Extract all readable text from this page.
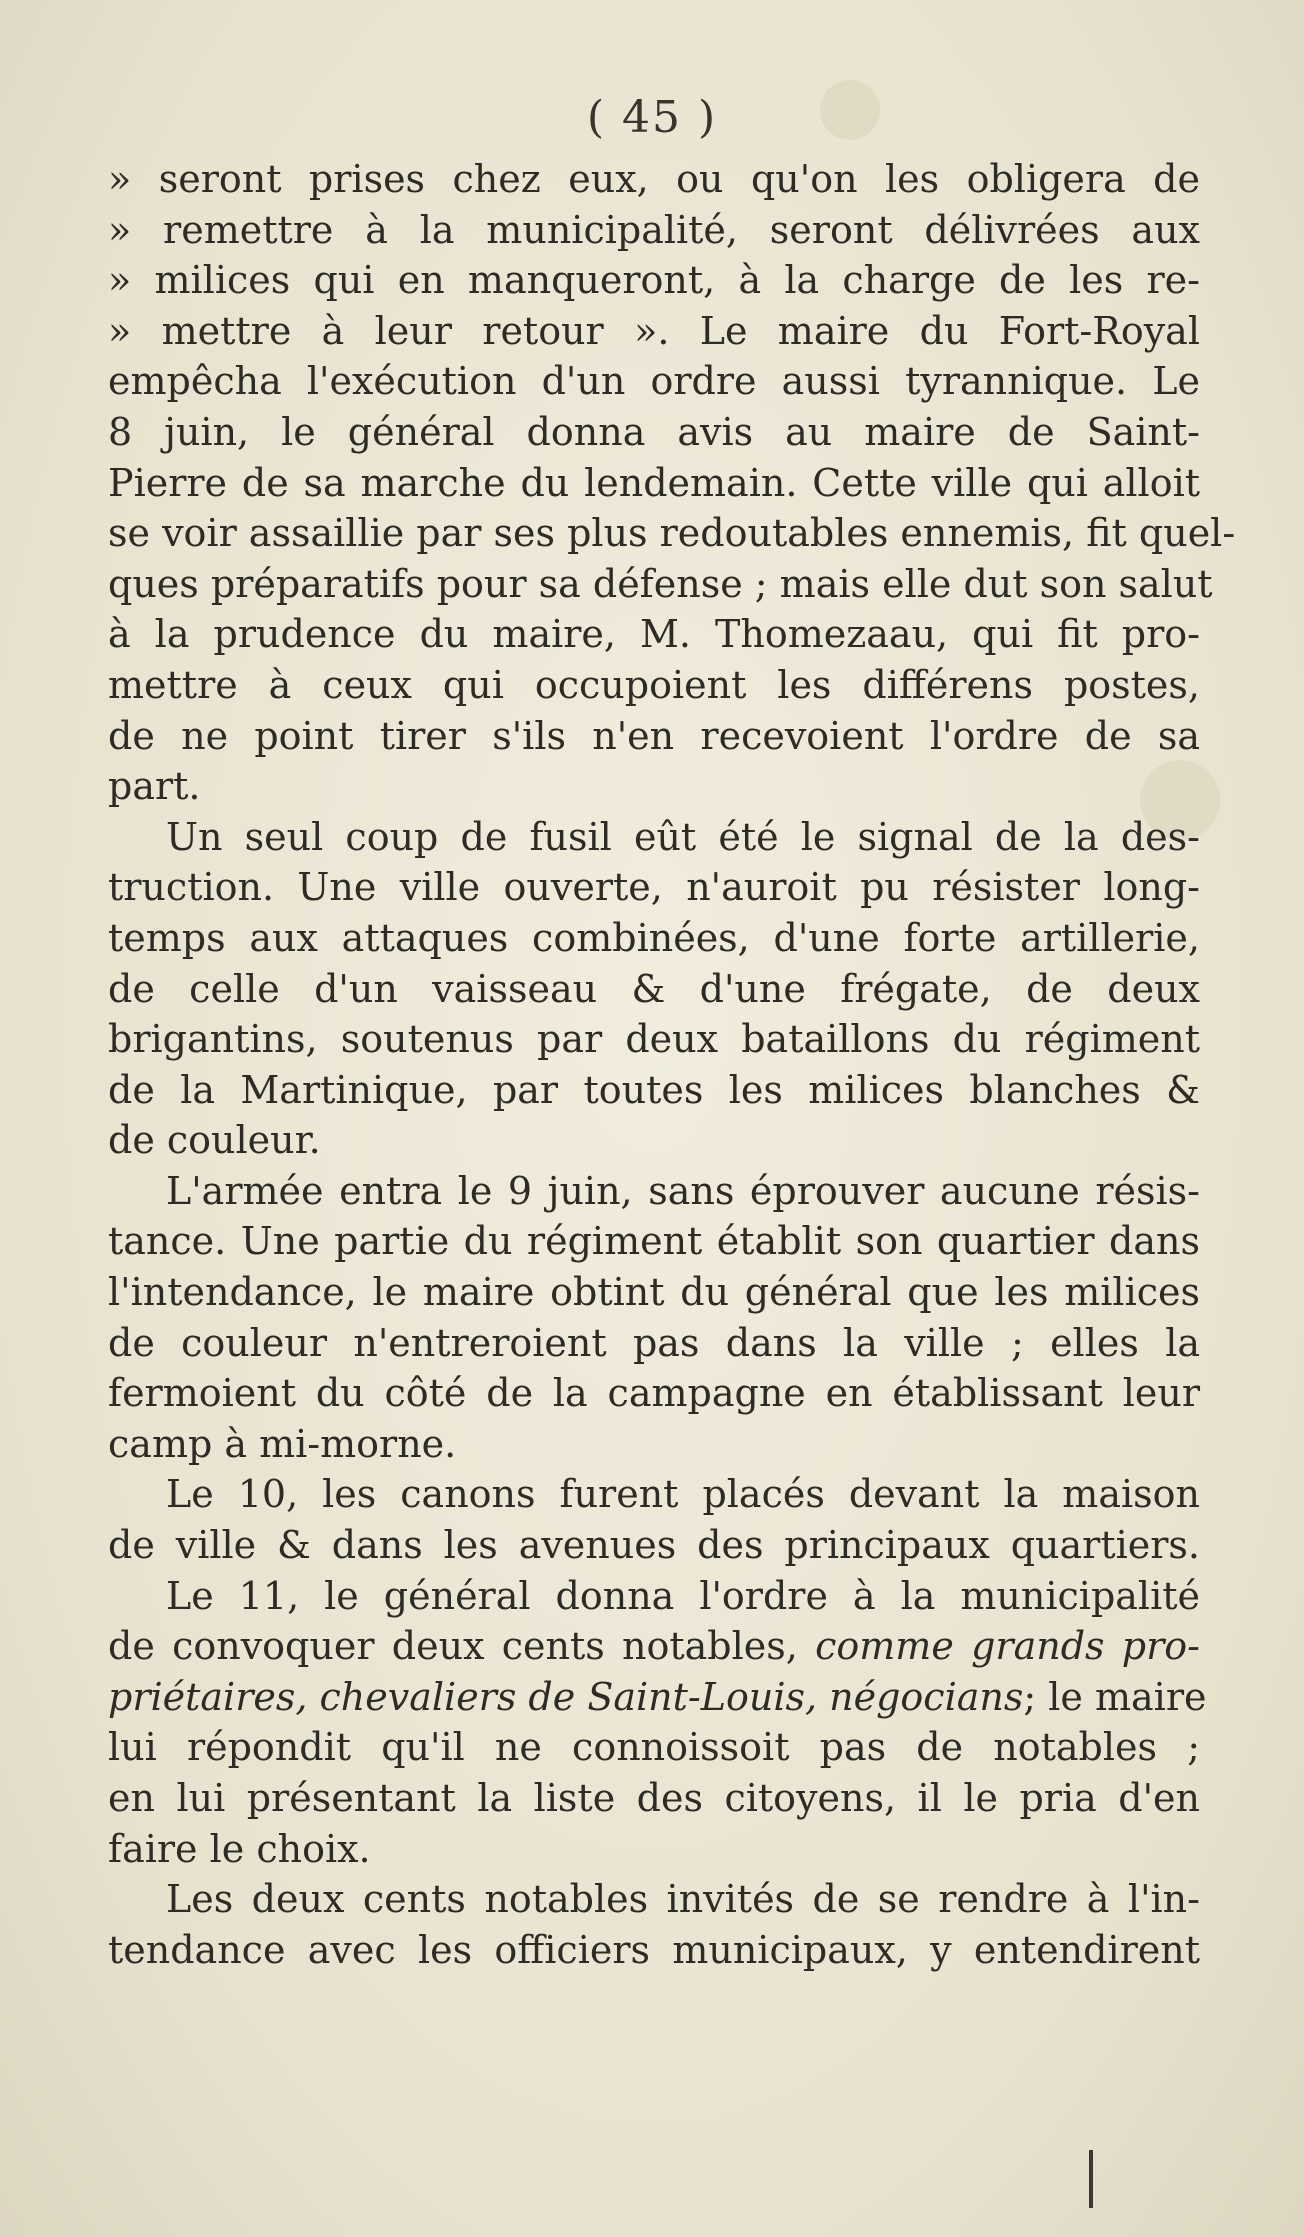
( 45 )
» seront prises chez eux, ou qu'on les obligera de
» remettre à la municipalité, seront délivrées aux
» milices qui en manqueront, à la charge de les re-
» mettre à leur retour ». Le maire du Fort-Royal
empêcha l'exécution d'un ordre aussi tyrannique. Le
8 juin, le général donna avis au maire de Saint-
Pierre de sa marche du lendemain. Cette ville qui alloit
se voir assaillie par ses plus redoutables ennemis, fit quel-
ques préparatifs pour sa défense ; mais elle dut son salut
à la prudence du maire, M. Thomezaau, qui fit pro-
mettre à ceux qui occupoient les différens postes,
de ne point tirer s'ils n'en recevoient l'ordre de sa
part.
Un seul coup de fusil eût été le signal de la des-
truction. Une ville ouverte, n'auroit pu résister long-
temps aux attaques combinées, d'une forte artillerie,
de celle d'un vaisseau & d'une frégate, de deux
brigantins, soutenus par deux bataillons du régiment
de la Martinique, par toutes les milices blanches &
de couleur.
L'armée entra le 9 juin, sans éprouver aucune résis-
tance. Une partie du régiment établit son quartier dans
l'intendance, le maire obtint du général que les milices
de couleur n'entreroient pas dans la ville ; elles la
fermoient du côté de la campagne en établissant leur
camp à mi-morne.
Le 10, les canons furent placés devant la maison
de ville & dans les avenues des principaux quartiers.
Le 11, le général donna l'ordre à la municipalité
de convoquer deux cents notables, comme grands pro-
priétaires, chevaliers de Saint-Louis, négocians; le maire
lui répondit qu'il ne connoissoit pas de notables ;
en lui présentant la liste des citoyens, il le pria d'en
faire le choix.
Les deux cents notables invités de se rendre à l'in-
tendance avec les officiers municipaux, y entendirent
